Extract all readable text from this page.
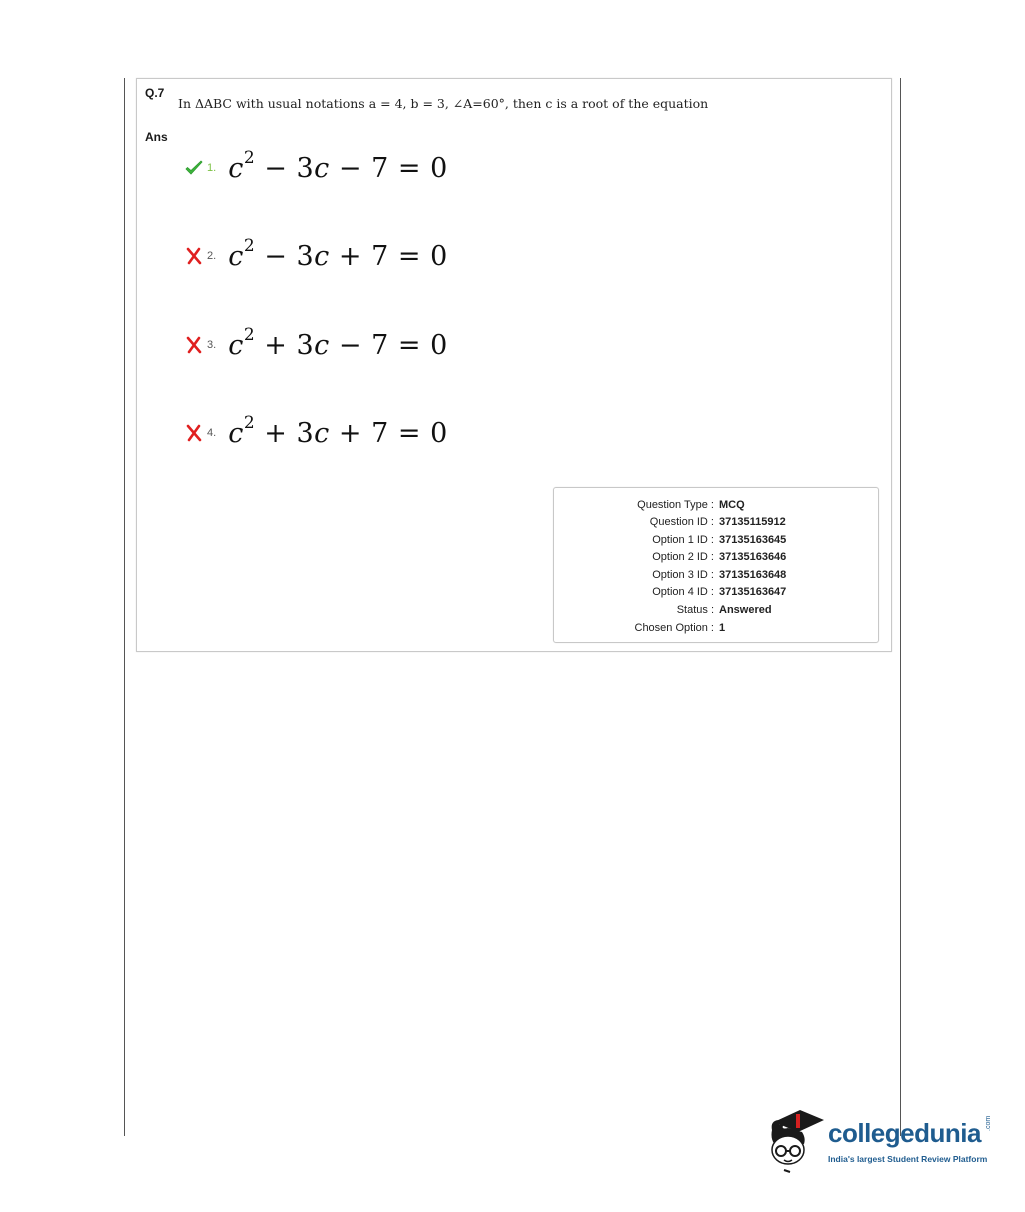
Q.7
In ΔABC with usual notations a = 4, b = 3, ∠A=60°, then c is a root of the equation
Ans
1. $c^2 - 3c - 7 = 0$
2. $c^2 - 3c + 7 = 0$
3. $c^2 + 3c - 7 = 0$
4. $c^2 + 3c + 7 = 0$
Question Type : MCQ
Question ID : 37135115912
Option 1 ID : 37135163645
Option 2 ID : 37135163646
Option 3 ID : 37135163648
Option 4 ID : 37135163647
Status : Answered
Chosen Option : 1
collegedunia .com
India's largest Student Review Platform
